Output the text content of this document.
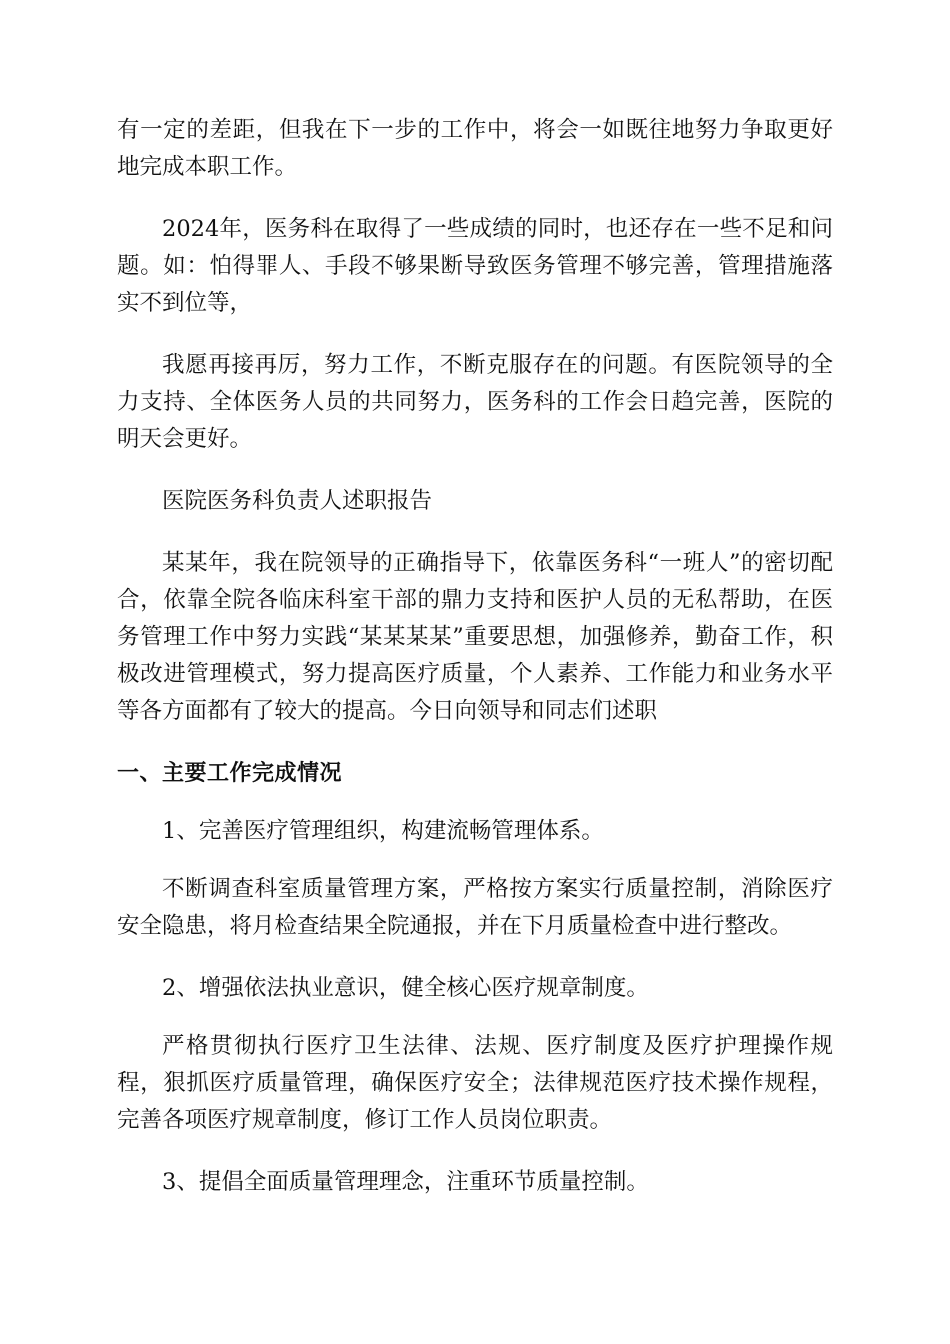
有一定的差距，但我在下一步的工作中，将会一如既往地努力争取更好地完成本职工作。

2024年，医务科在取得了一些成绩的同时，也还存在一些不足和问题。如：怕得罪人、手段不够果断导致医务管理不够完善，管理措施落实不到位等，

我愿再接再厉，努力工作，不断克服存在的问题。有医院领导的全力支持、全体医务人员的共同努力，医务科的工作会日趋完善，医院的明天会更好。

医院医务科负责人述职报告

某某年，我在院领导的正确指导下，依靠医务科“一班人”的密切配合，依靠全院各临床科室干部的鼎力支持和医护人员的无私帮助，在医务管理工作中努力实践“某某某某”重要思想，加强修养，勤奋工作，积极改进管理模式，努力提高医疗质量，个人素养、工作能力和业务水平等各方面都有了较大的提高。今日向领导和同志们述职

一、主要工作完成情况

1、完善医疗管理组织，构建流畅管理体系。

不断调查科室质量管理方案，严格按方案实行质量控制，消除医疗安全隐患，将月检查结果全院通报，并在下月质量检查中进行整改。

2、增强依法执业意识，健全核心医疗规章制度。

严格贯彻执行医疗卫生法律、法规、医疗制度及医疗护理操作规程，狠抓医疗质量管理，确保医疗安全；法律规范医疗技术操作规程，完善各项医疗规章制度，修订工作人员岗位职责。

3、提倡全面质量管理理念，注重环节质量控制。
